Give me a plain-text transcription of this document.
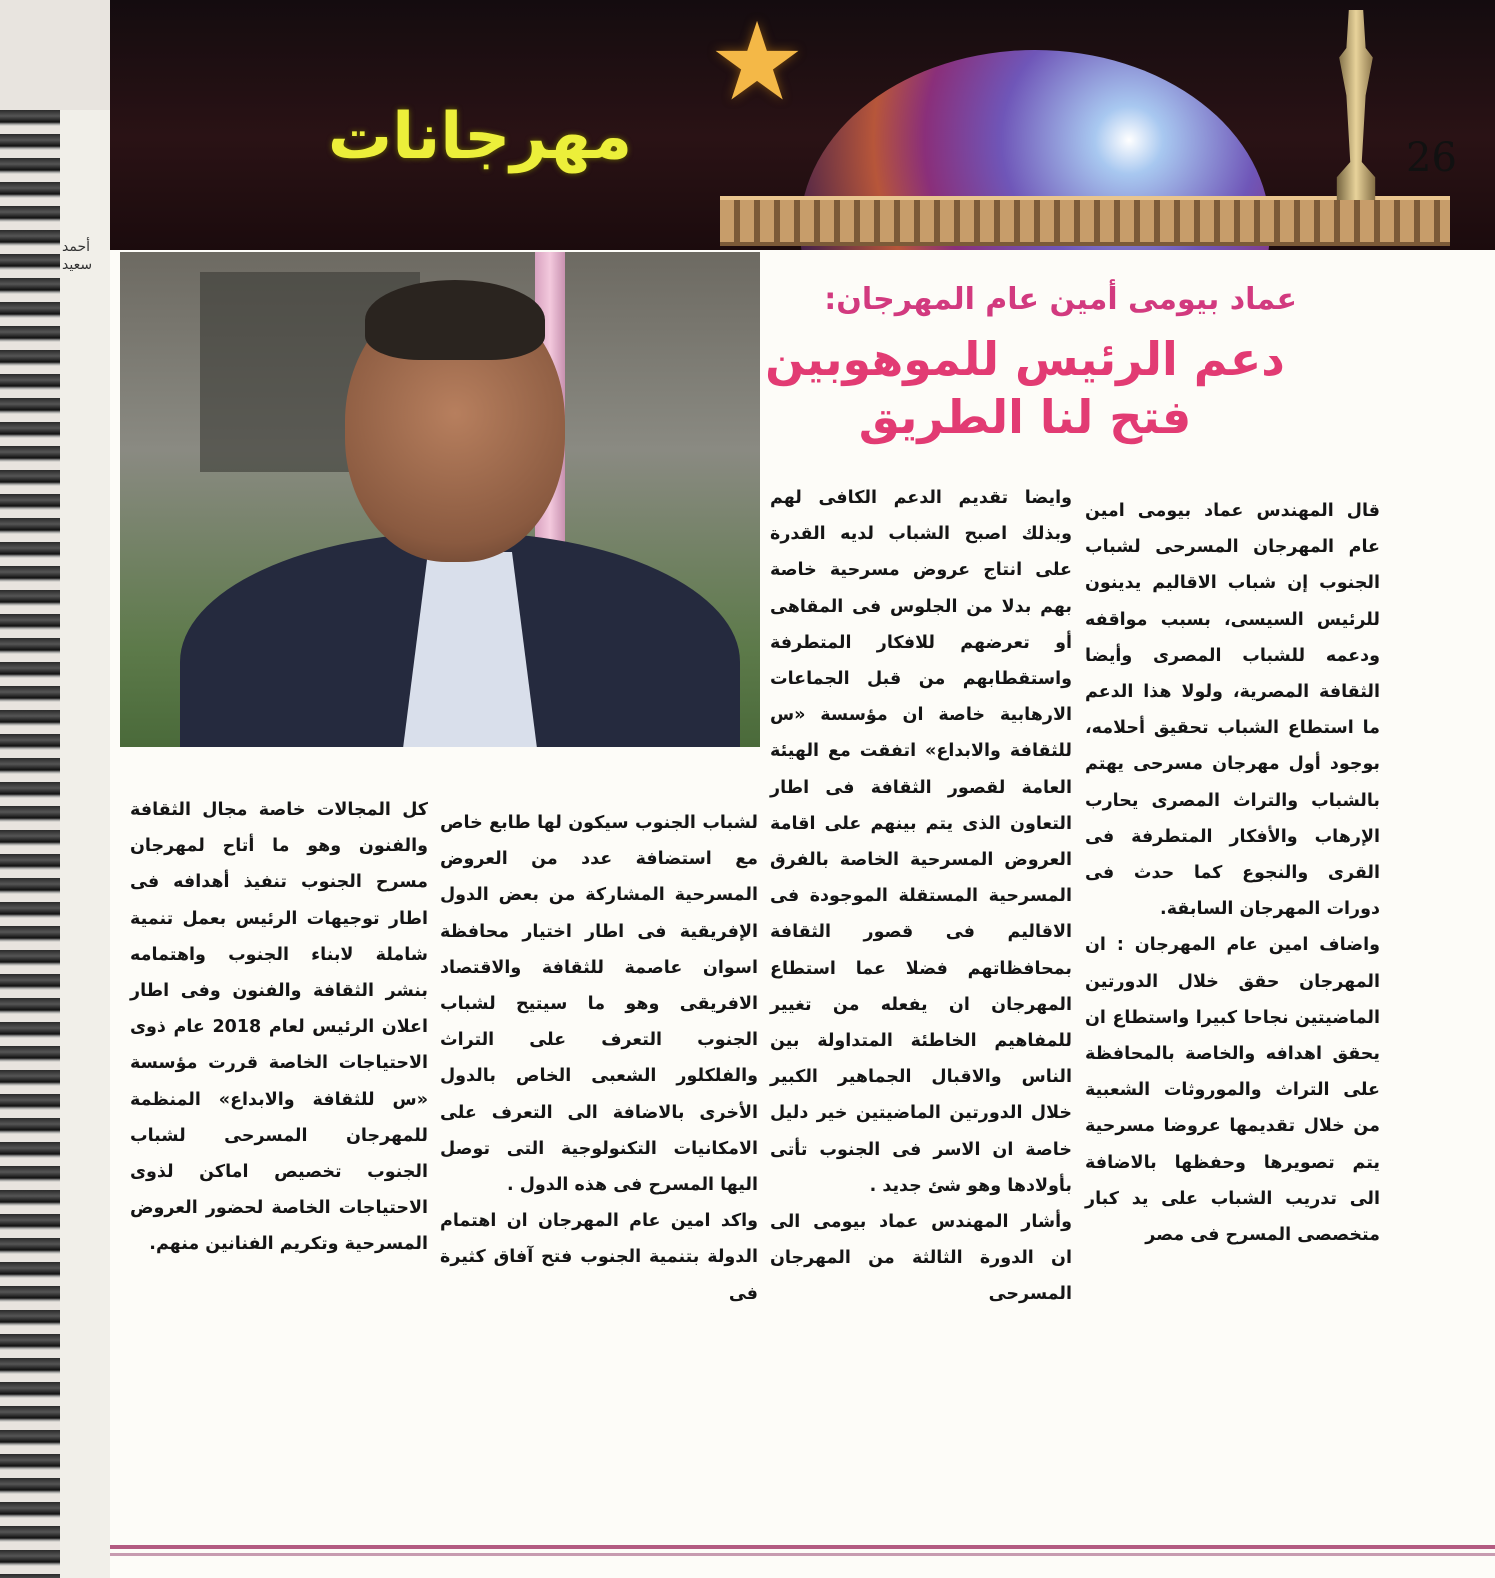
أحمد سعيد
★
مهرجانات	26
عماد بيومى أمين عام المهرجان:
دعم الرئيس للموهوبين
فتح لنا الطريق
قال المهندس عماد بيومى امين عام المهرجان المسرحى لشباب الجنوب إن شباب الاقاليم يدينون للرئيس السيسى، بسبب مواقفه ودعمه للشباب المصرى وأيضا الثقافة المصرية، ولولا هذا الدعم ما استطاع الشباب تحقيق أحلامه، بوجود أول مهرجان مسرحى يهتم بالشباب والتراث المصرى يحارب الإرهاب والأفكار المتطرفة فى القرى والنجوع كما حدث فى دورات المهرجان السابقة.
واضاف امين عام المهرجان : ان المهرجان حقق خلال الدورتين الماضيتين نجاحا كبيرا واستطاع ان يحقق اهدافه والخاصة بالمحافظة على التراث والموروثات الشعبية من خلال تقديمها عروضا مسرحية يتم تصويرها وحفظها بالاضافة الى تدريب الشباب على يد كبار متخصصى المسرح فى مصر
وايضا تقديم الدعم الكافى لهم وبذلك اصبح الشباب لديه القدرة على انتاج عروض مسرحية خاصة بهم بدلا من الجلوس فى المقاهى أو تعرضهم للافكار المتطرفة واستقطابهم من قبل الجماعات الارهابية خاصة ان مؤسسة «س للثقافة والابداع» اتفقت مع الهيئة العامة لقصور الثقافة فى اطار التعاون الذى يتم بينهم على اقامة العروض المسرحية الخاصة بالفرق المسرحية المستقلة الموجودة فى الاقاليم فى قصور الثقافة بمحافظاتهم فضلا عما استطاع المهرجان ان يفعله من تغيير للمفاهيم الخاطئة المتداولة بين الناس والاقبال الجماهير الكبير خلال الدورتين الماضيتين خير دليل خاصة ان الاسر فى الجنوب تأتى بأولادها وهو شئ جديد .
وأشار المهندس عماد بيومى الى ان الدورة الثالثة من المهرجان المسرحى
لشباب الجنوب سيكون لها طابع خاص مع استضافة عدد من العروض المسرحية المشاركة من بعض الدول الإفريقية فى اطار اختيار محافظة اسوان عاصمة للثقافة والاقتصاد الافريقى وهو ما سيتيح لشباب الجنوب التعرف على التراث والفلكلور الشعبى الخاص بالدول الأخرى بالاضافة الى التعرف على الامكانيات التكنولوجية التى توصل اليها المسرح فى هذه الدول .
واكد امين عام المهرجان ان اهتمام الدولة بتنمية الجنوب فتح آفاق كثيرة فى
كل المجالات خاصة مجال الثقافة والفنون وهو ما أتاح لمهرجان مسرح الجنوب تنفيذ أهدافه فى اطار توجيهات الرئيس بعمل تنمية شاملة لابناء الجنوب واهتمامه بنشر الثقافة والفنون وفى اطار اعلان الرئيس لعام 2018 عام ذوى الاحتياجات الخاصة قررت مؤسسة «س للثقافة والابداع» المنظمة للمهرجان المسرحى لشباب الجنوب تخصيص اماكن لذوى الاحتياجات الخاصة لحضور العروض المسرحية وتكريم الفنانين منهم.
